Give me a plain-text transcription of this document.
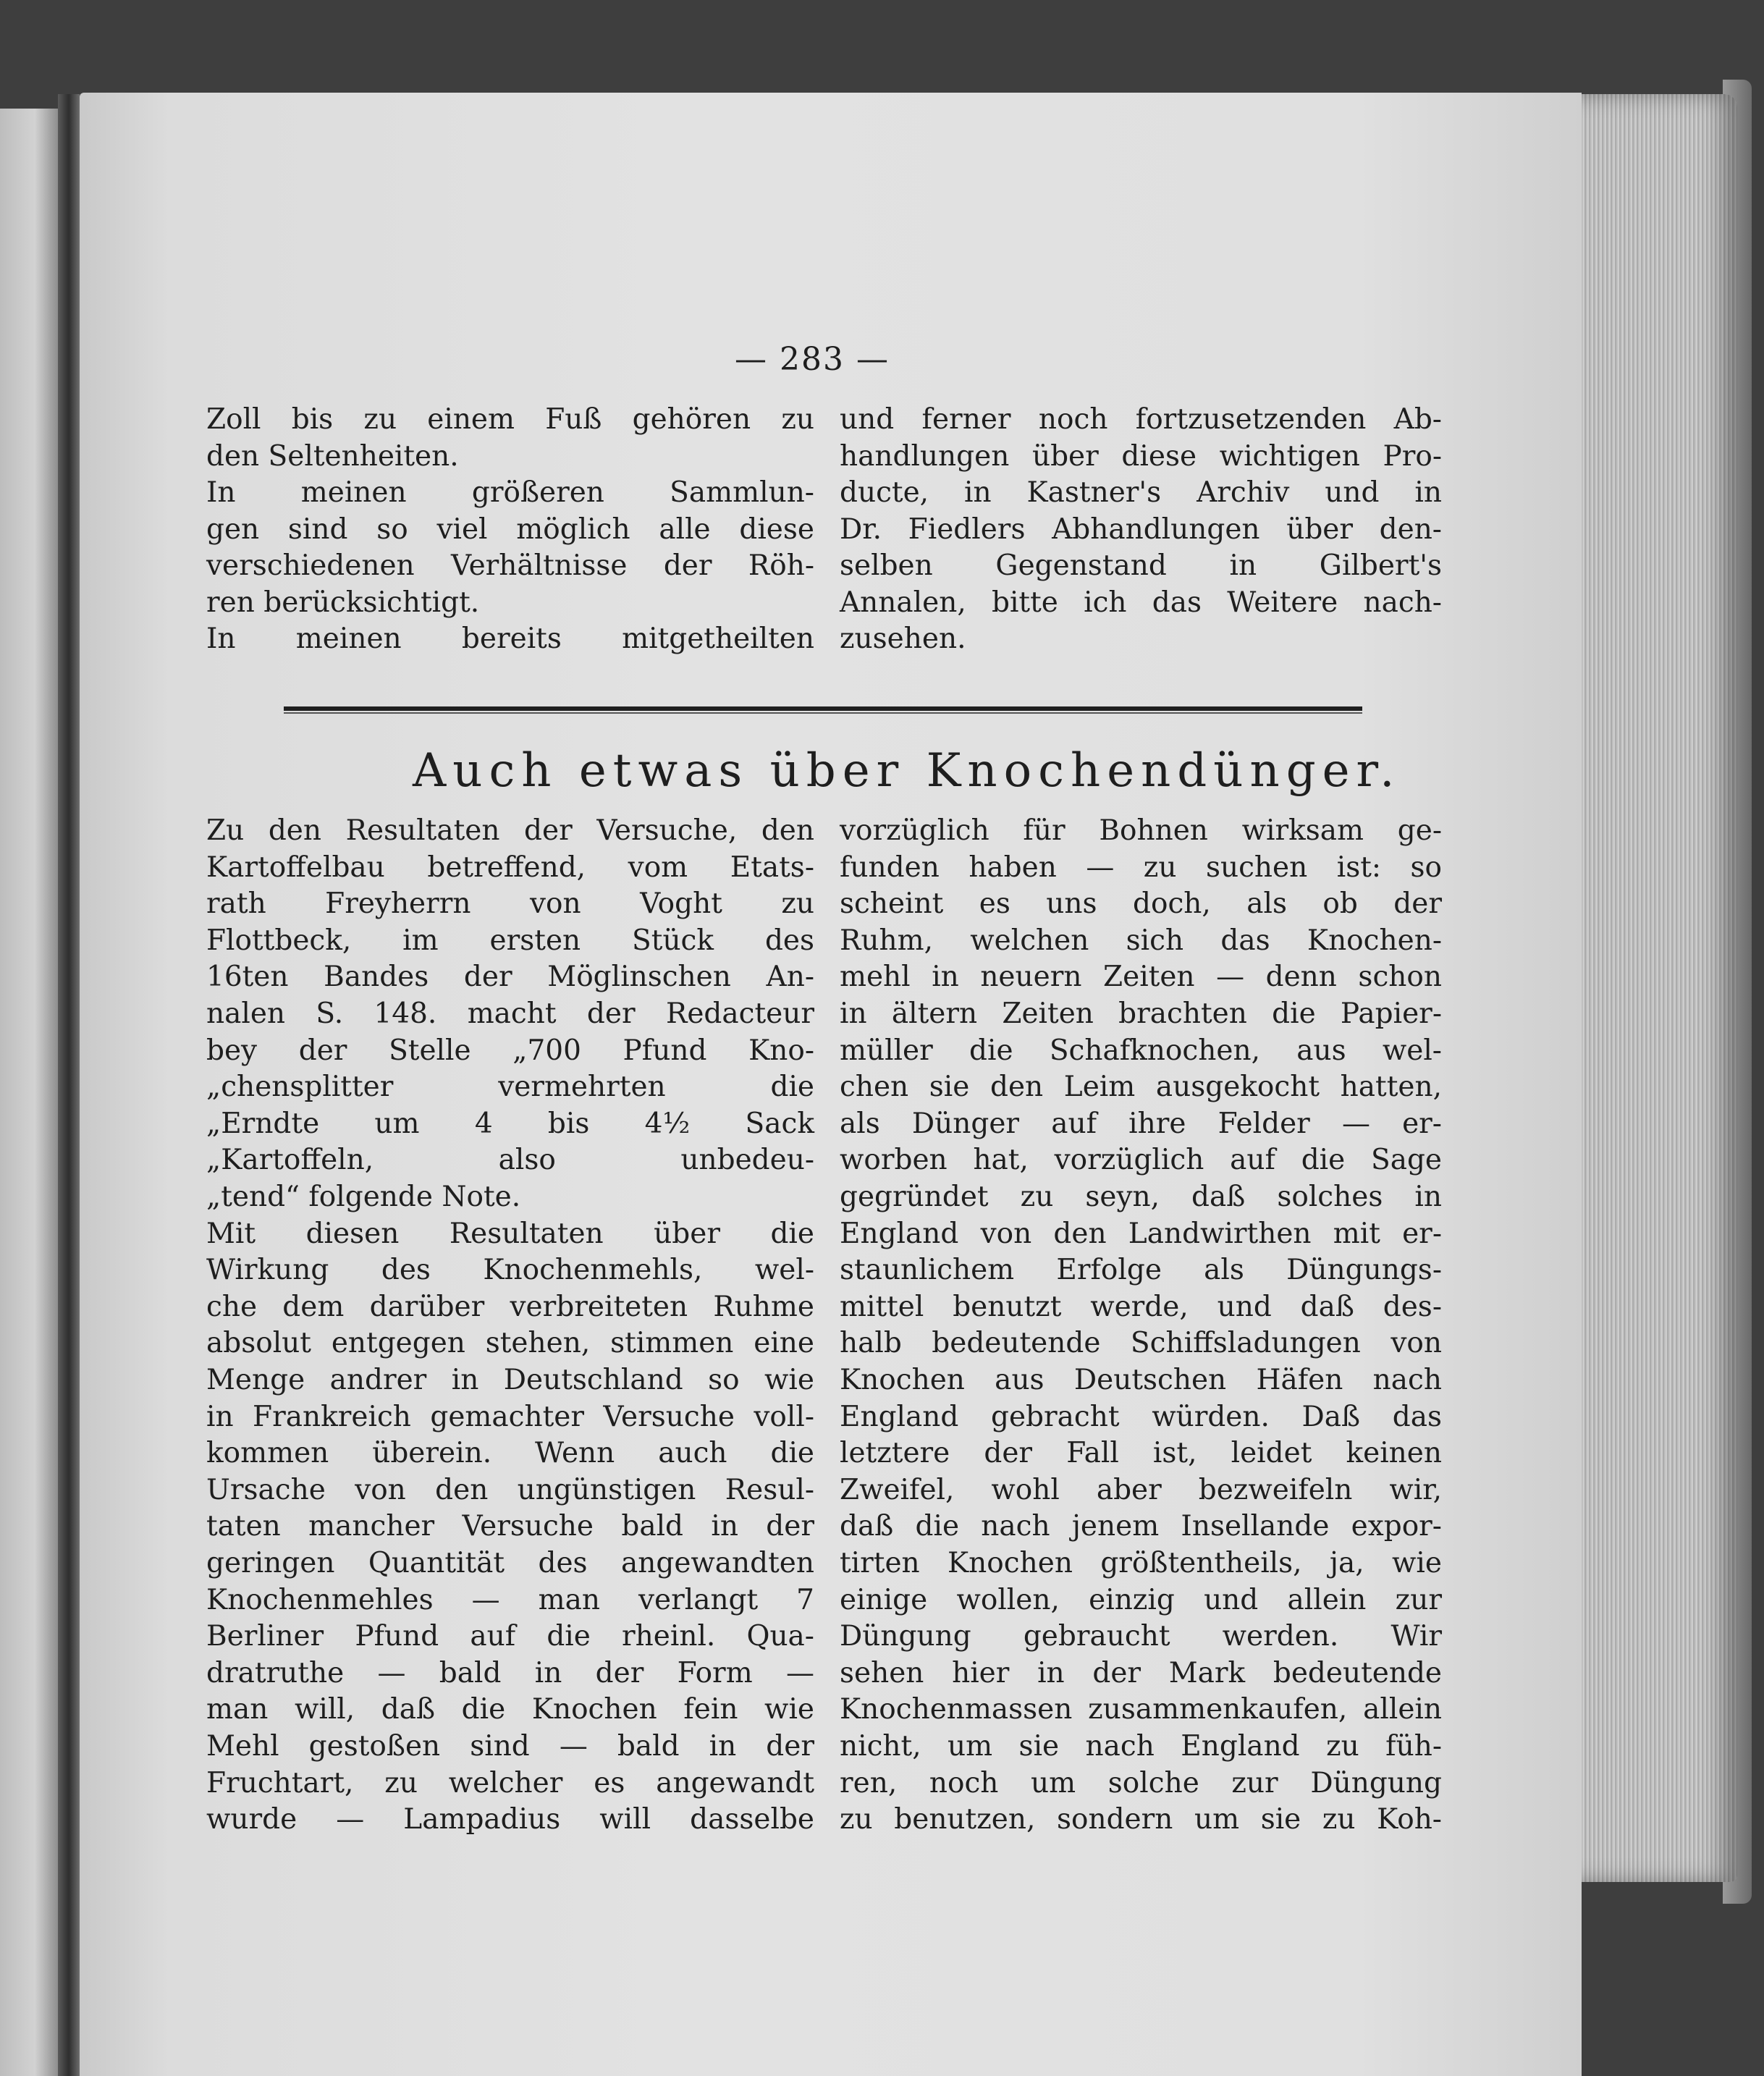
— 283 —
Auch etwas über Knochendünger.
Zoll bis zu einem Fuß gehören zu
den Seltenheiten.
In meinen größeren Sammlun-
gen sind so viel möglich alle diese
verschiedenen Verhältnisse der Röh-
ren berücksichtigt.
In meinen bereits mitgetheilten
und ferner noch fortzusetzenden Ab-
handlungen über diese wichtigen Pro-
ducte, in Kastner's Archiv und in
Dr. Fiedlers Abhandlungen über den-
selben Gegenstand in Gilbert's
Annalen, bitte ich das Weitere nach-
zusehen.
Zu den Resultaten der Versuche, den
Kartoffelbau betreffend, vom Etats-
rath Freyherrn von Voght zu
Flottbeck, im ersten Stück des
16ten Bandes der Möglinschen An-
nalen S. 148. macht der Redacteur
bey der Stelle „700 Pfund Kno-
„chensplitter vermehrten die
„Erndte um 4 bis 4½ Sack
„Kartoffeln, also unbedeu-
„tend“ folgende Note.
Mit diesen Resultaten über die
Wirkung des Knochenmehls, wel-
che dem darüber verbreiteten Ruhme
absolut entgegen stehen, stimmen eine
Menge andrer in Deutschland so wie
in Frankreich gemachter Versuche voll-
kommen überein. Wenn auch die
Ursache von den ungünstigen Resul-
taten mancher Versuche bald in der
geringen Quantität des angewandten
Knochenmehles — man verlangt 7
Berliner Pfund auf die rheinl. Qua-
dratruthe — bald in der Form —
man will, daß die Knochen fein wie
Mehl gestoßen sind — bald in der
Fruchtart, zu welcher es angewandt
wurde — Lampadius will dasselbe
vorzüglich für Bohnen wirksam ge-
funden haben — zu suchen ist: so
scheint es uns doch, als ob der
Ruhm, welchen sich das Knochen-
mehl in neuern Zeiten — denn schon
in ältern Zeiten brachten die Papier-
müller die Schafknochen, aus wel-
chen sie den Leim ausgekocht hatten,
als Dünger auf ihre Felder — er-
worben hat, vorzüglich auf die Sage
gegründet zu seyn, daß solches in
England von den Landwirthen mit er-
staunlichem Erfolge als Düngungs-
mittel benutzt werde, und daß des-
halb bedeutende Schiffsladungen von
Knochen aus Deutschen Häfen nach
England gebracht würden. Daß das
letztere der Fall ist, leidet keinen
Zweifel, wohl aber bezweifeln wir,
daß die nach jenem Insellande expor-
tirten Knochen größtentheils, ja, wie
einige wollen, einzig und allein zur
Düngung gebraucht werden. Wir
sehen hier in der Mark bedeutende
Knochenmassen zusammenkaufen, allein
nicht, um sie nach England zu füh-
ren, noch um solche zur Düngung
zu benutzen, sondern um sie zu Koh-
